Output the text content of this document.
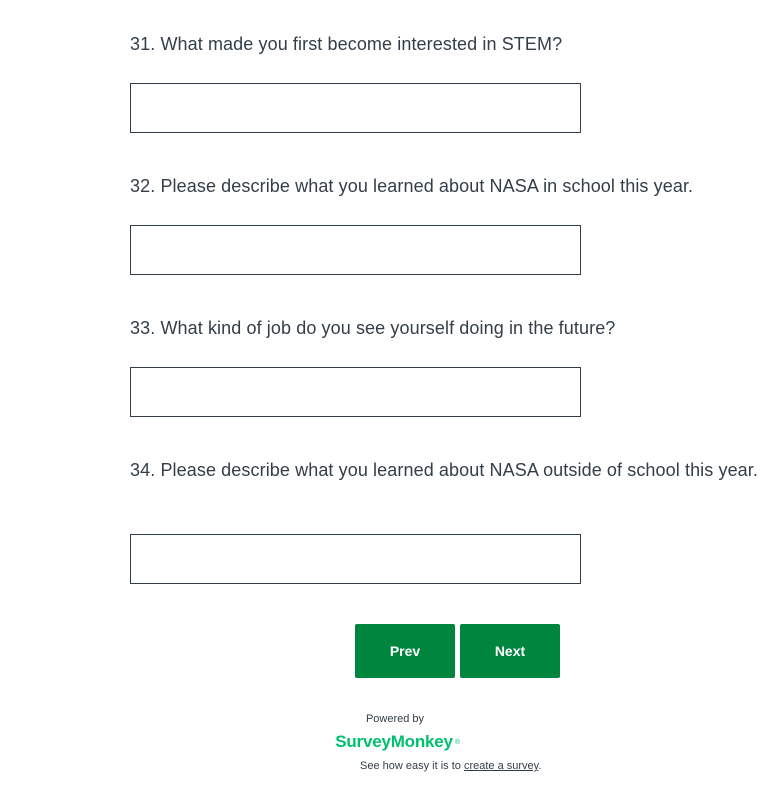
31. What made you first become interested in STEM?

32. Please describe what you learned about NASA in school this year.

33. What kind of job do you see yourself doing in the future?

34. Please describe what you learned about NASA outside of school this year.

Prev	Next

Powered by

SurveyMonkey ®
See how easy it is to create a survey.
